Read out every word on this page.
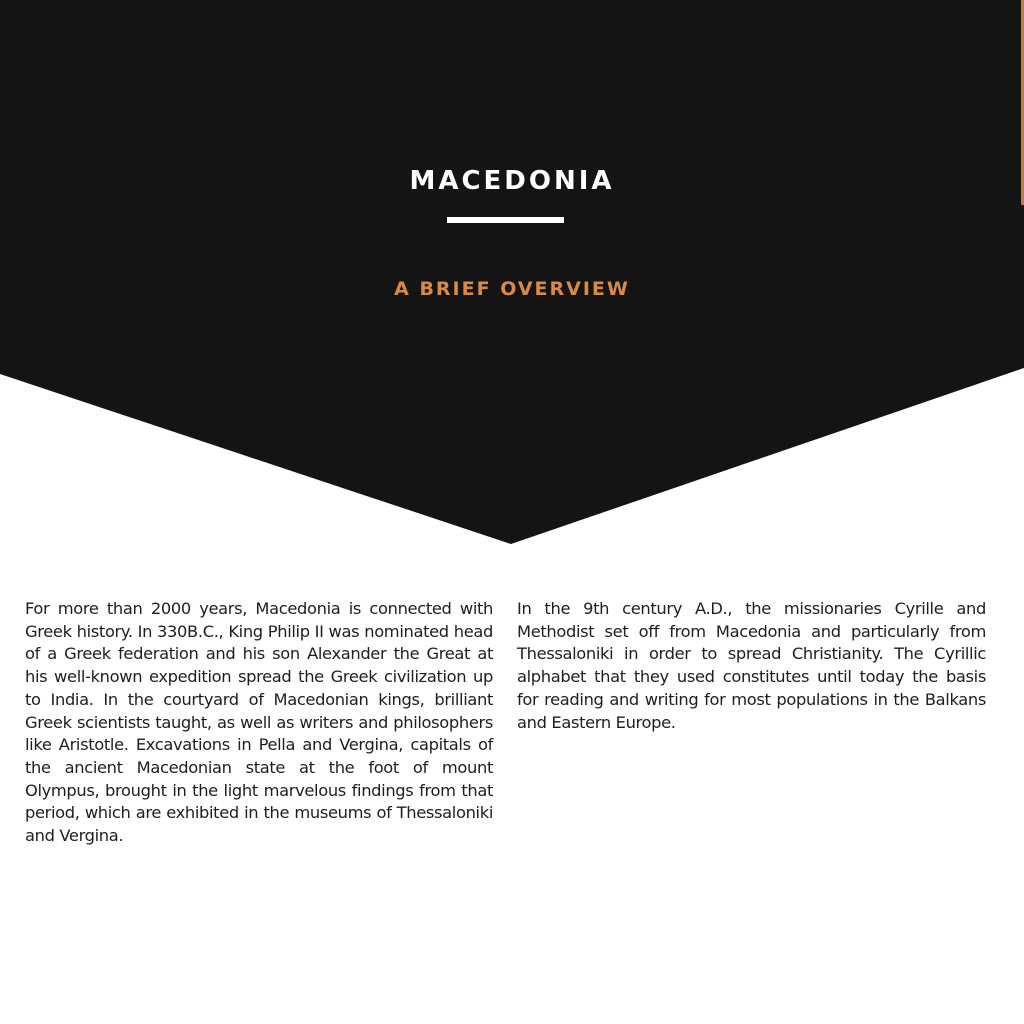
MACEDONIA
A BRIEF OVERVIEW

For more than 2000 years, Macedonia is connected with Greek history. In 330B.C., King Philip II was nominated head of a Greek federation and his son Alexander the Great at his well-known expedition spread the Greek civilization up to India. In the courtyard of Macedonian kings, brilliant Greek scientists taught, as well as writers and philosophers like Aristotle. Excavations in Pella and Vergina, capitals of the ancient Macedonian state at the foot of mount Olympus, brought in the light marvelous findings from that period, which are exhibited in the museums of Thessaloniki and Vergina.

In the 9th century A.D., the missionaries Cyrille and Methodist set off from Macedonia and particularly from Thessaloniki in order to spread Christianity. The Cyrillic alphabet that they used constitutes until today the basis for reading and writing for most populations in the Balkans and Eastern Europe.
